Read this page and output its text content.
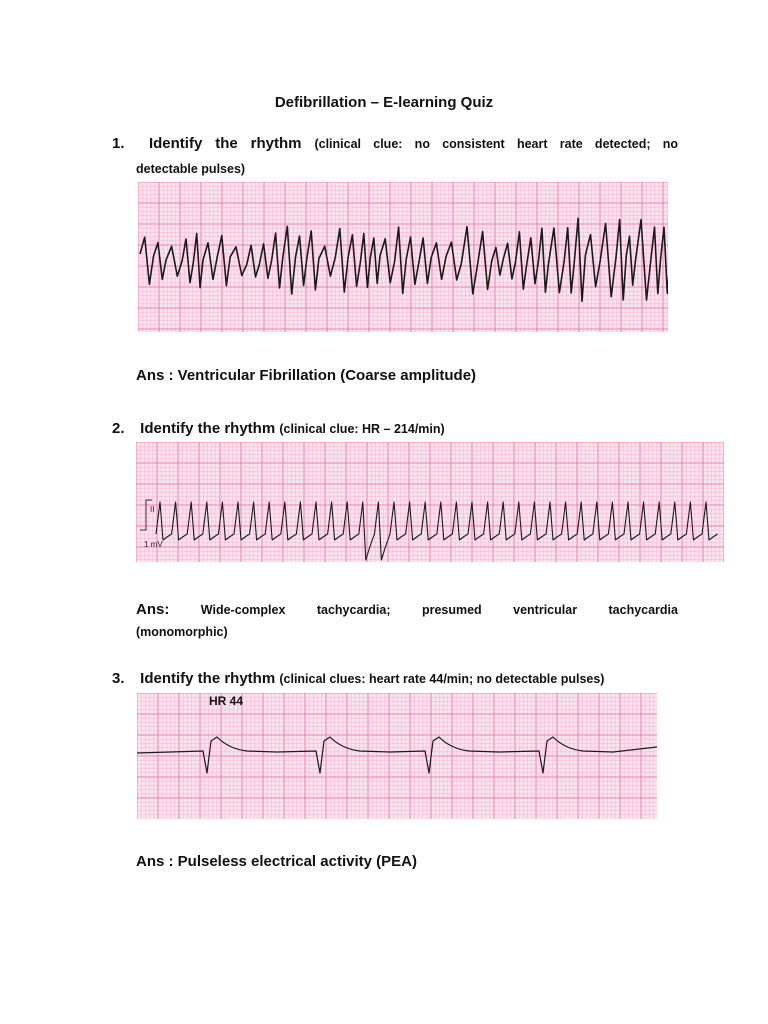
Defibrillation – E-learning Quiz
1. Identify the rhythm (clinical clue: no consistent heart rate detected; no
detectable pulses)
Ans : Ventricular Fibrillation (Coarse amplitude)
2. Identify the rhythm (clinical clue: HR – 214/min)
II
1 mV
Ans:	Wide-complex	tachycardia;	presumed	ventricular	tachycardia
(monomorphic)
3. Identify the rhythm (clinical clues: heart rate 44/min; no detectable pulses)
HR 44
Ans : Pulseless electrical activity (PEA)
